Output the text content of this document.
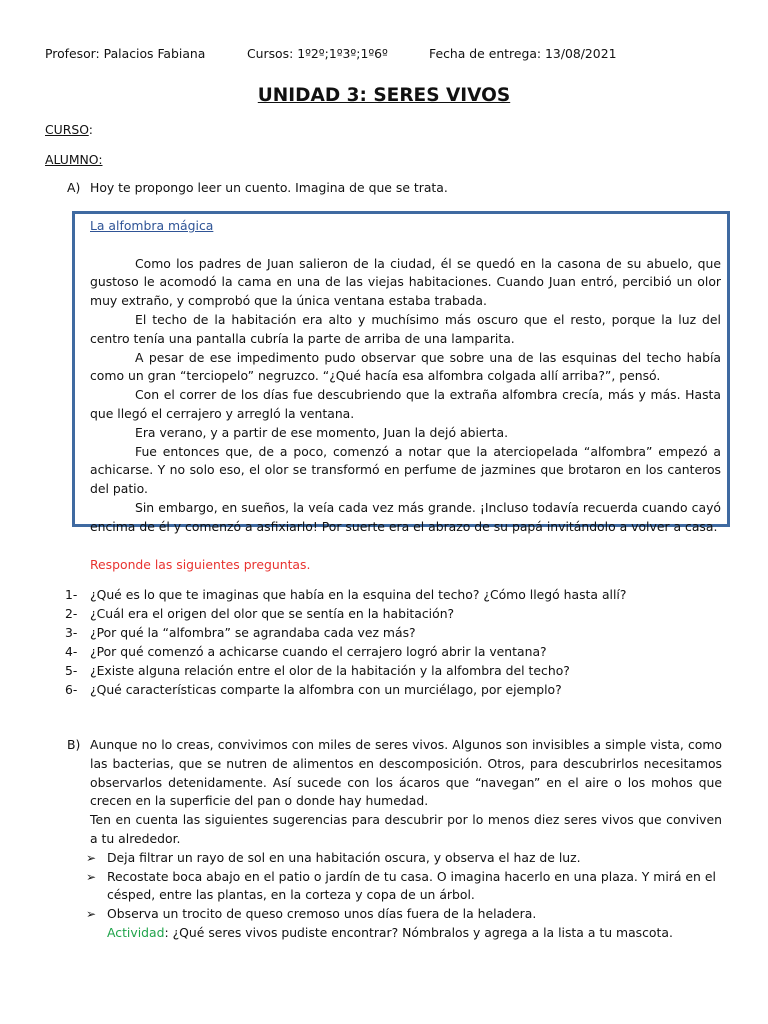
Profesor: Palacios Fabiana	Cursos: 1º2º;1º3º;1º6º	Fecha de entrega: 13/08/2021
UNIDAD 3: SERES VIVOS
CURSO:
ALUMNO:
A) Hoy te propongo leer un cuento. Imagina de que se trata.

La alfombra mágica

Como los padres de Juan salieron de la ciudad, él se quedó en la casona de su abuelo, que gustoso le acomodó la cama en una de las viejas habitaciones. Cuando Juan entró, percibió un olor muy extraño, y comprobó que la única ventana estaba trabada.

El techo de la habitación era alto y muchísimo más oscuro que el resto, porque la luz del centro tenía una pantalla cubría la parte de arriba de una lamparita.

A pesar de ese impedimento pudo observar que sobre una de las esquinas del techo había como un gran “terciopelo” negruzco. “¿Qué hacía esa alfombra colgada allí arriba?”, pensó.

Con el correr de los días fue descubriendo que la extraña alfombra crecía, más y más. Hasta que llegó el cerrajero y arregló la ventana.

Era verano, y a partir de ese momento, Juan la dejó abierta.

Fue entonces que, de a poco, comenzó a notar que la aterciopelada “alfombra” empezó a achicarse. Y no solo eso, el olor se transformó en perfume de jazmines que brotaron en los canteros del patio.

Sin embargo, en sueños, la veía cada vez más grande. ¡Incluso todavía recuerda cuando cayó encima de él y comenzó a asfixiarlo! Por suerte era el abrazo de su papá invitándolo a volver a casa.

Responde las siguientes preguntas.
1-	¿Qué es lo que te imaginas que había en la esquina del techo? ¿Cómo llegó hasta allí?
2-	¿Cuál era el origen del olor que se sentía en la habitación?
3-	¿Por qué la “alfombra” se agrandaba cada vez más?
4-	¿Por qué comenzó a achicarse cuando el cerrajero logró abrir la ventana?
5-	¿Existe alguna relación entre el olor de la habitación y la alfombra del techo?
6-	¿Qué características comparte la alfombra con un murciélago, por ejemplo?
B) Aunque no lo creas, convivimos con miles de seres vivos. Algunos son invisibles a simple vista, como las bacterias, que se nutren de alimentos en descomposición. Otros, para descubrirlos necesitamos observarlos detenidamente. Así sucede con los ácaros que “navegan” en el aire o los mohos que crecen en la superficie del pan o donde hay humedad.
Ten en cuenta las siguientes sugerencias para descubrir por lo menos diez seres vivos que conviven a tu alrededor.
➢ Deja filtrar un rayo de sol en una habitación oscura, y observa el haz de luz.
➢ Recostate boca abajo en el patio o jardín de tu casa. O imagina hacerlo en una plaza. Y mirá en el césped, entre las plantas, en la corteza y copa de un árbol.
➢ Observa un trocito de queso cremoso unos días fuera de la heladera.
Actividad: ¿Qué seres vivos pudiste encontrar? Nómbralos y agrega a la lista a tu mascota.
